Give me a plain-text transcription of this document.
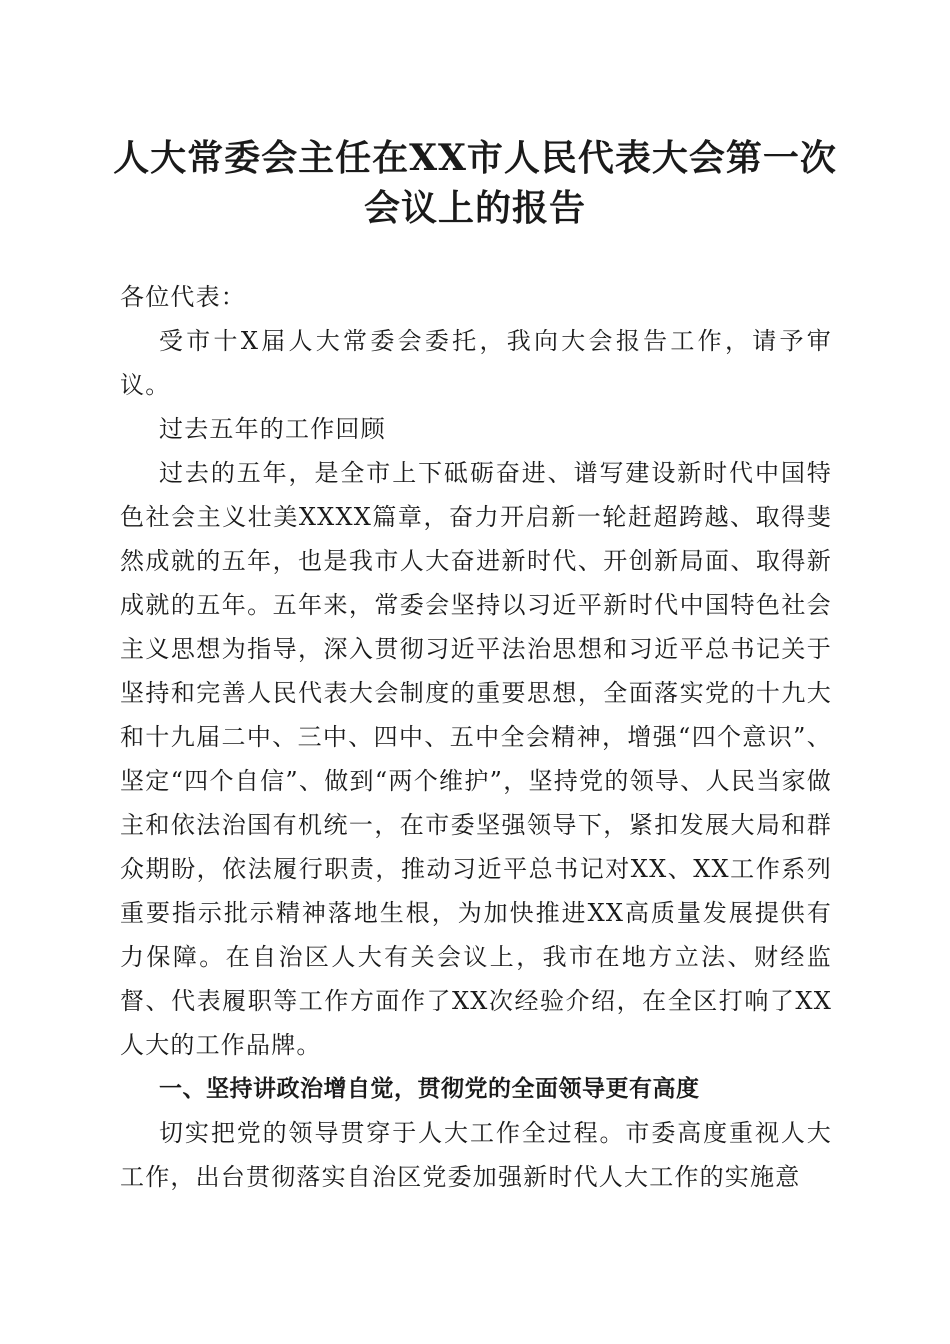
人大常委会主任在XX市人民代表大会第一次
会议上的报告

各位代表：

受市十X届人大常委会委托，我向大会报告工作，请予审议。

过去五年的工作回顾

过去的五年，是全市上下砥砺奋进、谱写建设新时代中国特色社会主义壮美XXXX篇章，奋力开启新一轮赶超跨越、取得斐然成就的五年，也是我市人大奋进新时代、开创新局面、取得新成就的五年。五年来，常委会坚持以习近平新时代中国特色社会主义思想为指导，深入贯彻习近平法治思想和习近平总书记关于坚持和完善人民代表大会制度的重要思想，全面落实党的十九大和十九届二中、三中、四中、五中全会精神，增强“四个意识”、坚定“四个自信”、做到“两个维护”，坚持党的领导、人民当家做主和依法治国有机统一，在市委坚强领导下，紧扣发展大局和群众期盼，依法履行职责，推动习近平总书记对XX、XX工作系列重要指示批示精神落地生根，为加快推进XX高质量发展提供有力保障。在自治区人大有关会议上，我市在地方立法、财经监督、代表履职等工作方面作了XX次经验介绍，在全区打响了XX人大的工作品牌。

一、坚持讲政治增自觉，贯彻党的全面领导更有高度

切实把党的领导贯穿于人大工作全过程。市委高度重视人大工作，出台贯彻落实自治区党委加强新时代人大工作的实施意
